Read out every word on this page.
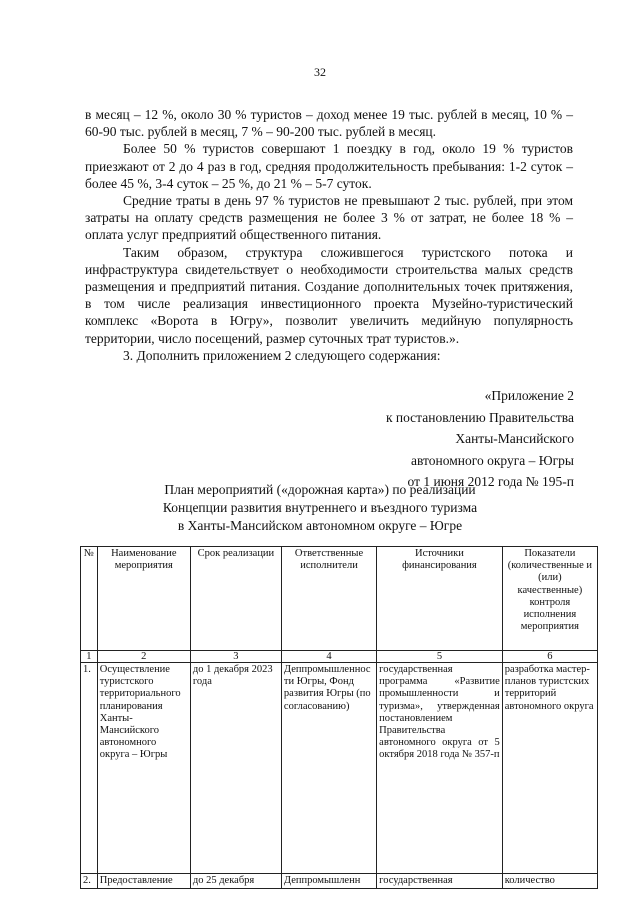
32

в месяц – 12 %, около 30 % туристов – доход менее 19 тыс. рублей в месяц, 10 % – 60-90 тыс. рублей в месяц, 7 % – 90-200 тыс. рублей в месяц.

Более 50 % туристов совершают 1 поездку в год, около 19 % туристов приезжают от 2 до 4 раз в год, средняя продолжительность пребывания: 1-2 суток – более 45 %, 3-4 суток – 25 %, до 21 % – 5-7 суток.

Средние траты в день 97 % туристов не превышают 2 тыс. рублей, при этом затраты на оплату средств размещения не более 3 % от затрат, не более 18 % – оплата услуг предприятий общественного питания.

Таким образом, структура сложившегося туристского потока и инфраструктура свидетельствует о необходимости строительства малых средств размещения и предприятий питания. Создание дополнительных точек притяжения, в том числе реализация инвестиционного проекта Музейно-туристический комплекс «Ворота в Югру», позволит увеличить медийную популярность территории, число посещений, размер суточных трат туристов.».

3. Дополнить приложением 2 следующего содержания:

«Приложение 2
к постановлению Правительства
Ханты-Мансийского
автономного округа – Югры
от 1 июня 2012 года № 195-п
План мероприятий («дорожная карта») по реализации
Концепции развития внутреннего и въездного туризма
в Ханты-Мансийском автономном округе – Югре
№	Наименование мероприятия	Срок реализации	Ответственные исполнители	Источники финансирования	Показатели (количественные и (или) качественные) контроля исполнения мероприятия
1	2	3	4	5	6
1.	Осуществление туристского территориального планирования Ханты-Мансийского автономного округа – Югры	до 1 декабря 2023 года	Деппромышленности Югры, Фонд развития Югры (по согласованию)	государственная программа «Развитие промышленности и туризма», утвержденная постановлением Правительства автономного округа от 5 октября 2018 года № 357-п	разработка мастер-планов туристских территорий автономного округа
2.	Предоставление	до 25 декабря	Деппромышленн	государственная	количество
